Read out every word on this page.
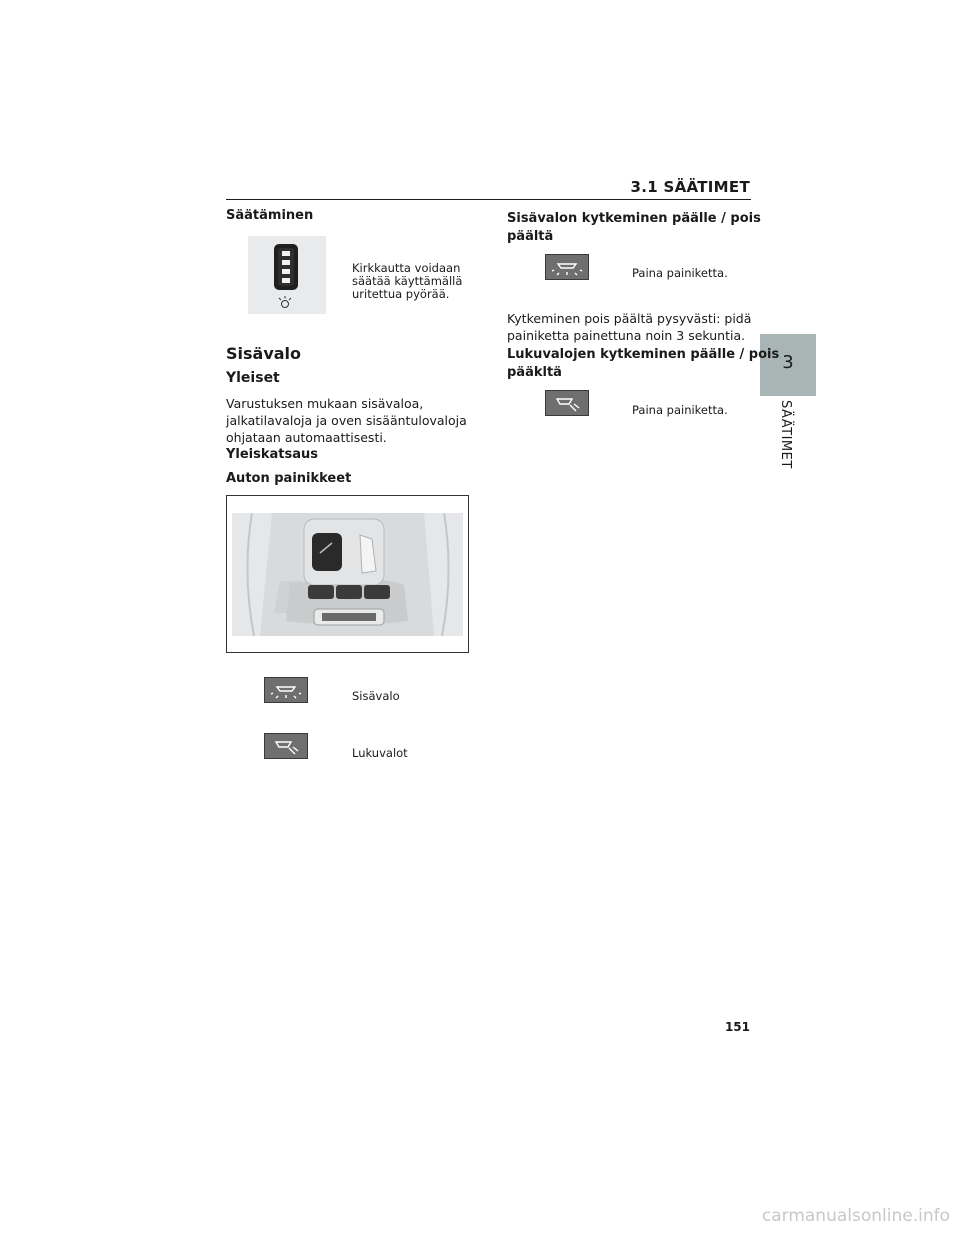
3.1 SÄÄTIMET
3
SÄÄTIMET
Säätäminen
Kirkkautta voidaan
säätää käyttämällä
uritettua pyörää.
Sisävalo
Yleiset
Varustuksen mukaan sisävaloa,
jalkatilavaloja ja oven sisääntulovaloja
ohjataan automaattisesti.
Yleiskatsaus
Auton painikkeet
Sisävalo
Lukuvalot
Sisävalon kytkeminen päälle / pois
päältä
Paina painiketta.
Kytkeminen pois päältä pysyvästi: pidä
painiketta painettuna noin 3 sekuntia.
Lukuvalojen kytkeminen päälle / pois
pääkltä
Paina painiketta.
151
carmanualsonline.info
